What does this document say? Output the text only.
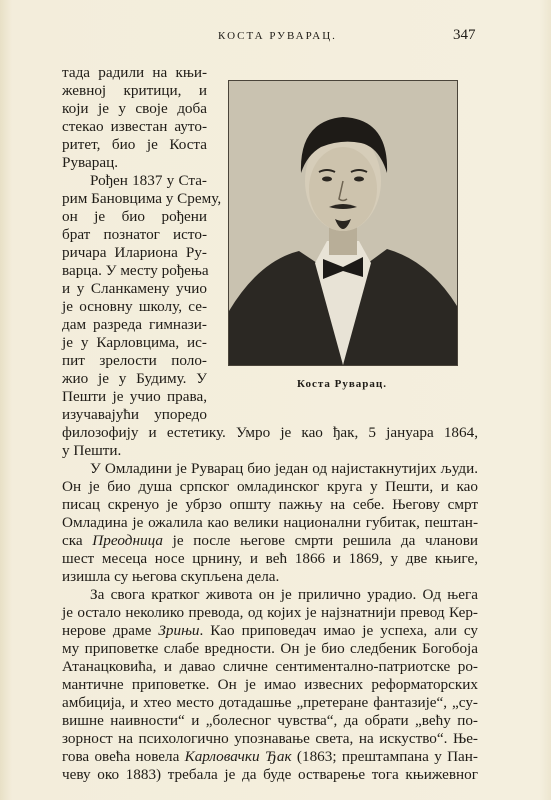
КОСТА РУВАРАЦ.	347
тада радили на књи-
жевној критици, и
који је у своје доба
стекао известан ауто-
ритет, био је Коста
Руварац.
Рођен 1837 у Ста-
рим Бановцима у Срему,
он је био рођени
брат познатог исто-
ричара Илариона Ру-
варца. У месту рођења
и у Сланкамену учио
је основну школу, се-
дам разреда гимнази-
је у Карловцима, ис-
пит зрелости поло-
жио је у Будиму. У
Пешти је учио права,
изучавајући упоредо
Коста Руварац.
филозофију и естетику. Умро је као ђак, 5 јануара 1864,
у Пешти.
У Омладини је Руварац био један од најистакнутијих људи.
Он је био душа српског омладинског круга у Пешти, и као
писац скренуо је убрзо општу пажњу на себе. Његову смрт
Омладина је ожалила као велики национални губитак, пештан-
ска Преодница је после његове смрти решила да чланови
шест месеца носе црнину, и већ 1866 и 1869, у две књиге,
изишла су његова скупљена дела.
За свога кратког живота он је прилично урадио. Од њега
је остало неколико превода, од којих је најзнатнији превод Кер-
нерове драме Зрињи. Као приповедач имао је успеха, али су
му приповетке слабе вредности. Он је био следбеник Богобоја
Атанацковића, и давао сличне сентиментално-патриотске ро-
мантичне приповетке. Он је имао извесних реформаторских
амбиција, и хтео место дотадашње „претеране фантазије“, „су-
вишне наивности“ и „болесног чувства“, да обрати „већу по-
зорност на психологично упознавање света, на искуство“. Ње-
гова овећа новела Карловачки Ђак (1863; прештампана у Пан-
чеву око 1883) требала је да буде остварење тога књижевног
